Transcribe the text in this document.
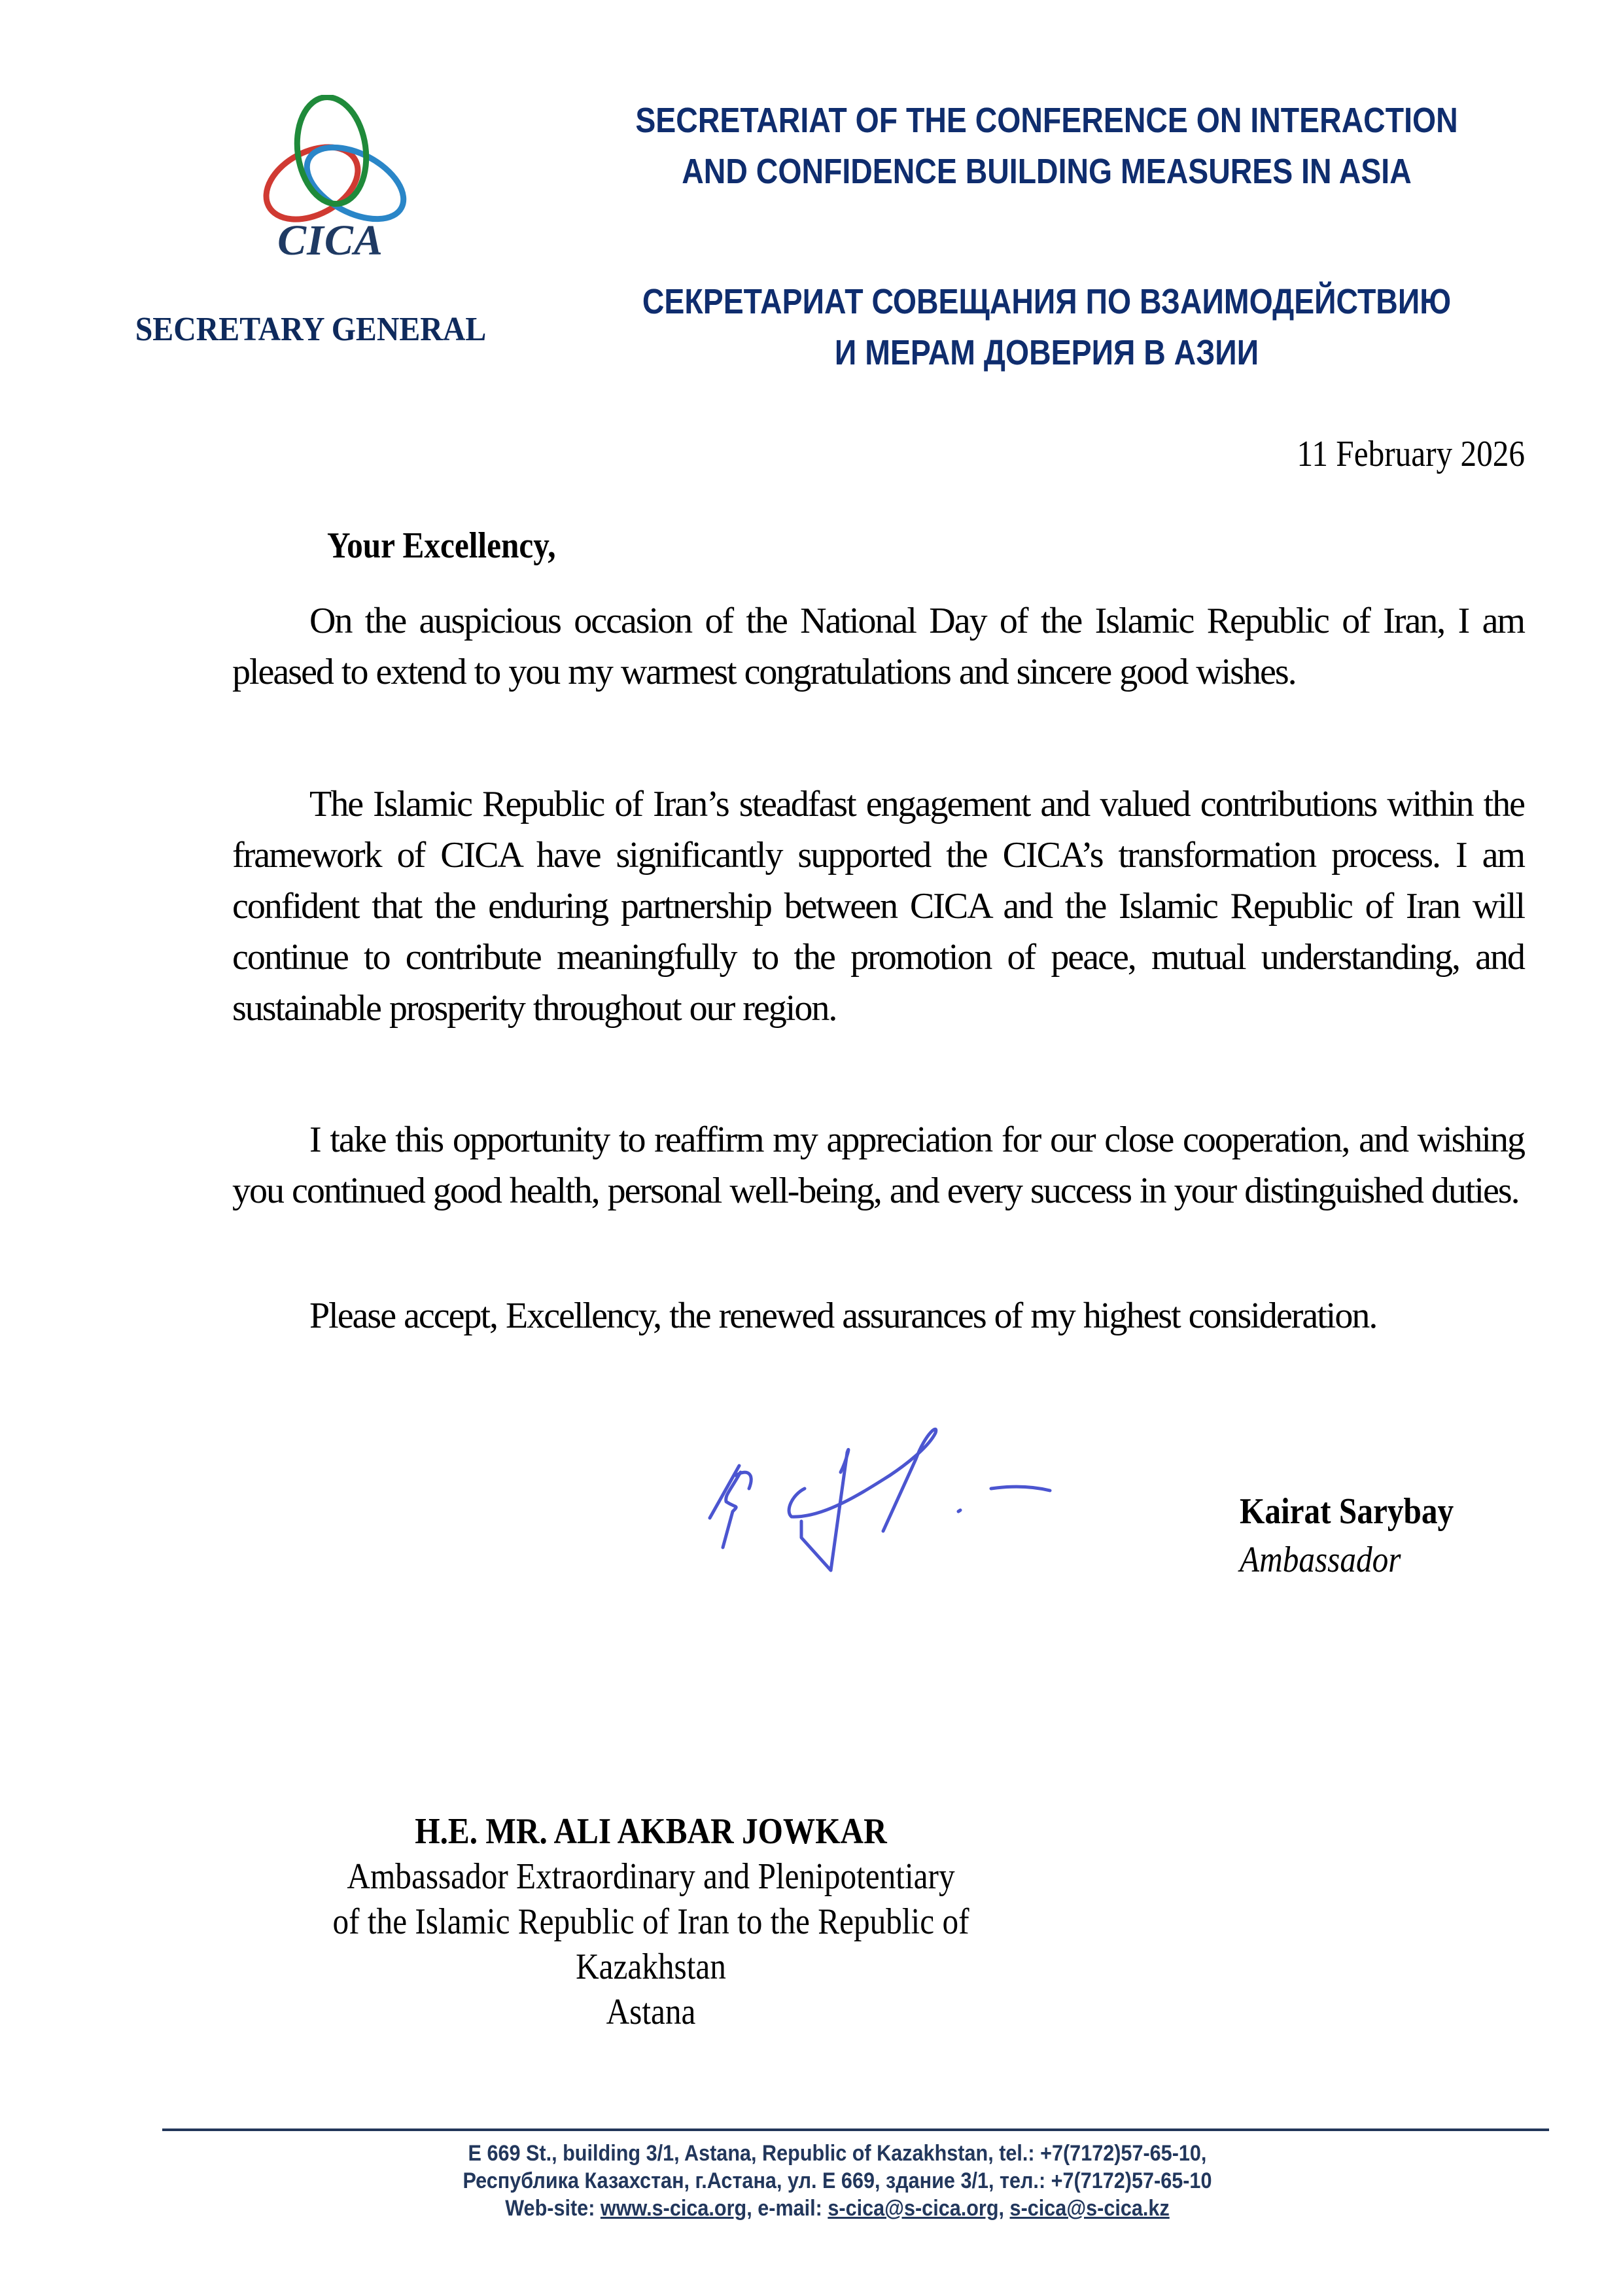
CICA
SECRETARY GENERAL
SECRETARIAT OF THE CONFERENCE ON INTERACTION
AND CONFIDENCE BUILDING MEASURES IN ASIA
СЕКРЕТАРИАТ СОВЕЩАНИЯ ПО ВЗАИМОДЕЙСТВИЮ
И МЕРАМ ДОВЕРИЯ В АЗИИ
11 February 2026
Your Excellency,

On the auspicious occasion of the National Day of the Islamic Republic of Iran, I am pleased to extend to you my warmest congratulations and sincere good wishes.

The Islamic Republic of Iran’s steadfast engagement and valued contributions within the framework of CICA have significantly supported the CICA’s transformation process. I am confident that the enduring partnership between CICA and the Islamic Republic of Iran will continue to contribute meaningfully to the promotion of peace, mutual understanding, and sustainable prosperity throughout our region.

I take this opportunity to reaffirm my appreciation for our close cooperation, and wishing you continued good health, personal well-being, and every success in your distinguished duties.

Please accept, Excellency, the renewed assurances of my highest consideration.

Kairat Sarybay
Ambassador
H.E. MR. ALI AKBAR JOWKAR
Ambassador Extraordinary and Plenipotentiary
of the Islamic Republic of Iran to the Republic of
Kazakhstan
Astana
E 669 St., building 3/1, Astana, Republic of Kazakhstan, tel.: +7(7172)57-65-10,
Республика Казахстан, г.Астана, ул. Е 669, здание 3/1, тел.: +7(7172)57-65-10
Web-site: www.s-cica.org, e-mail: s-cica@s-cica.org, s-cica@s-cica.kz
